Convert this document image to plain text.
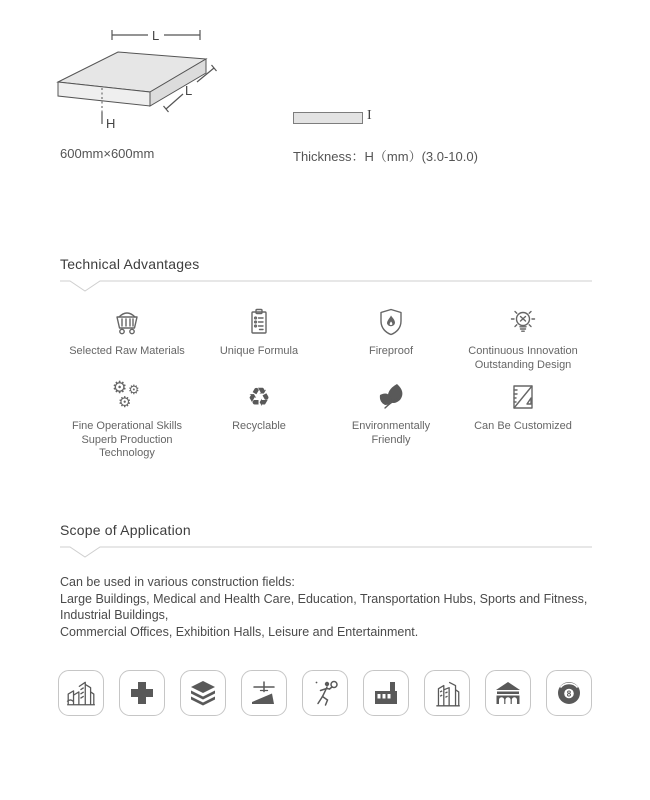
L
L
H
600mm×600mm
I
Thickness：H（mm）(3.0-10.0)
Technical Advantages
Selected Raw Materials	Unique Formula	Fireproof	Continuous Innovation
Outstanding Design
⚙ ⚙
⚙
Fine Operational Skills
Superb Production
Technology
♻
Recyclable	Environmentally
Friendly
Can Be Customized
Scope of Application
Can be used in various construction fields:
Large Buildings, Medical and Health Care, Education, Transportation Hubs, Sports and Fitness,
Industrial Buildings,
Commercial Offices, Exhibition Halls, Leisure and Entertainment.
8
